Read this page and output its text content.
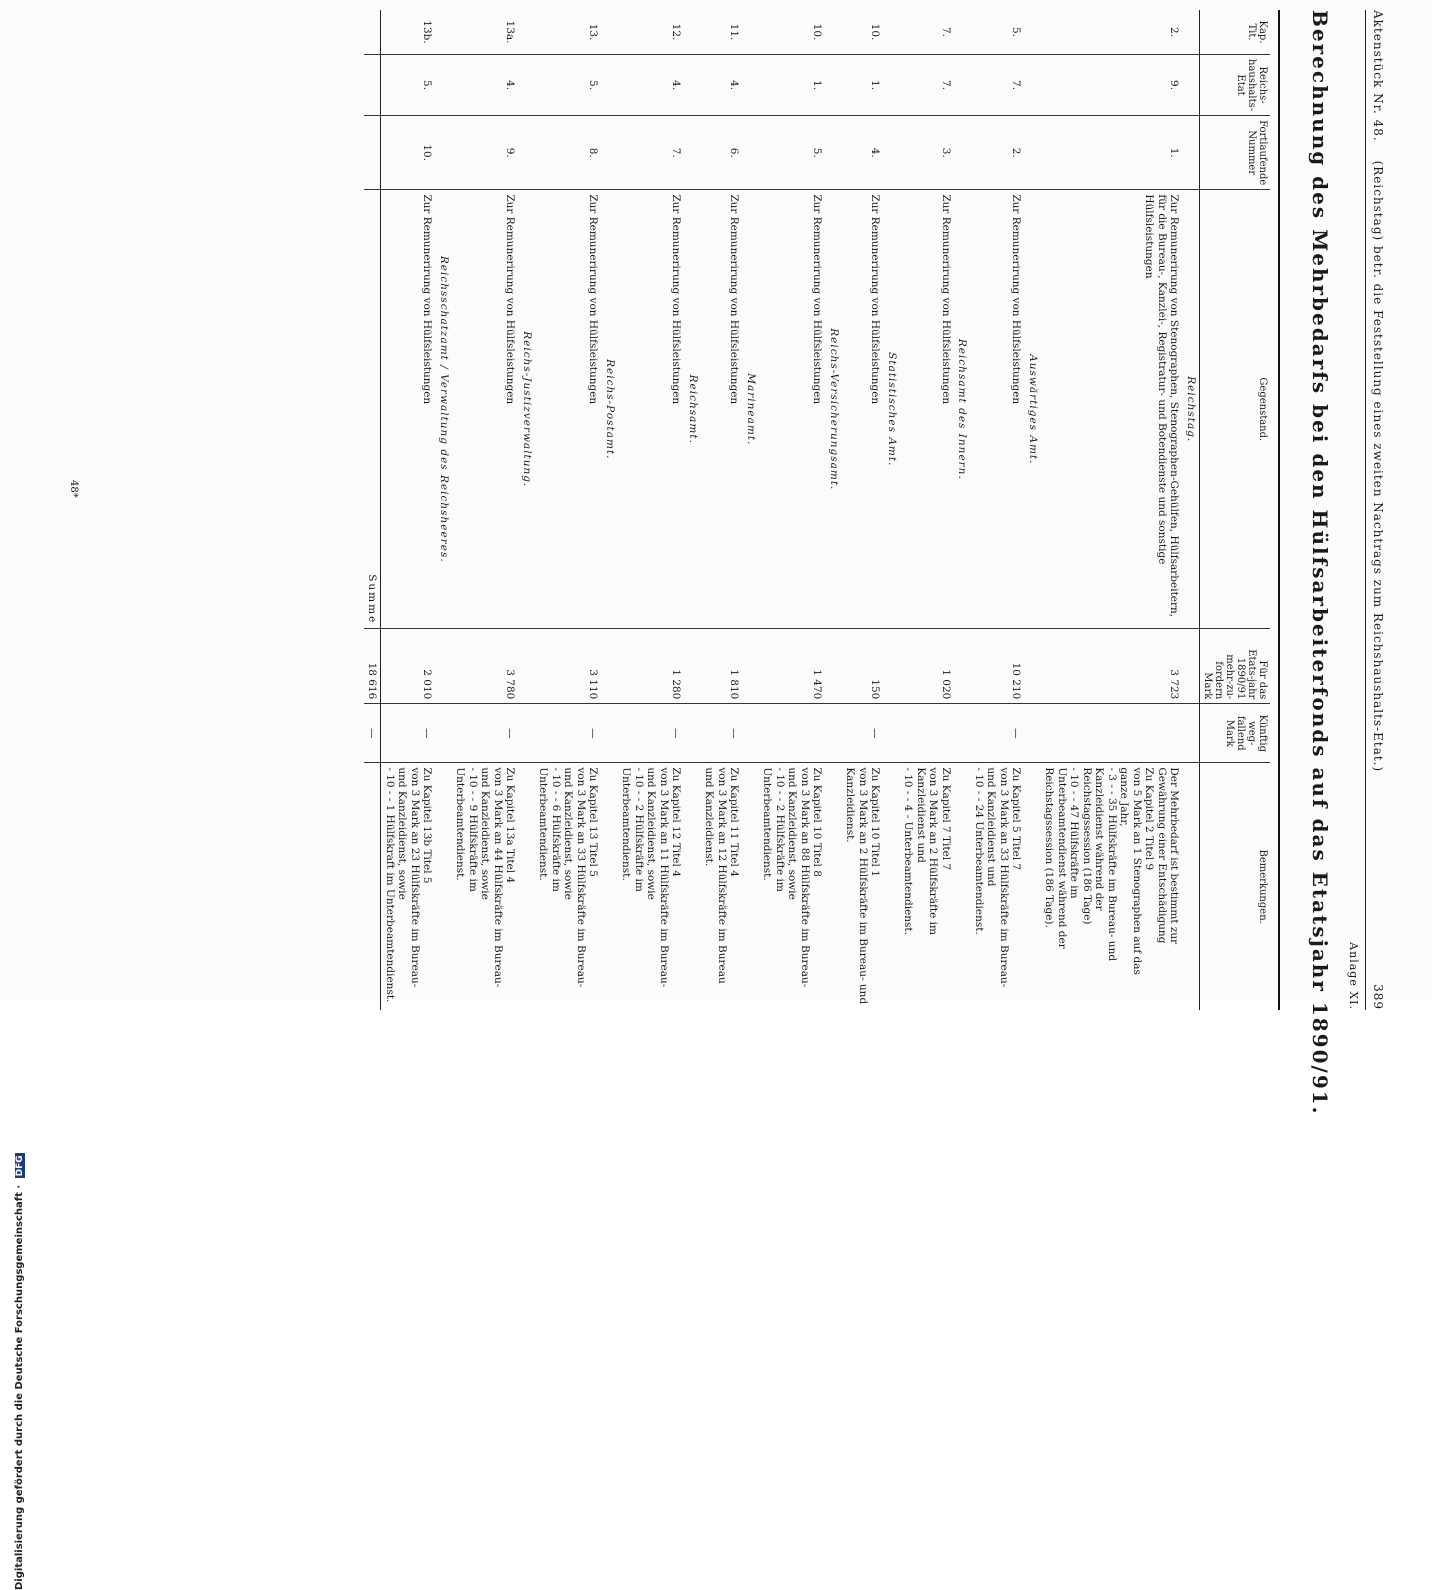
Aktenstück Nr. 48. (Reichstag) betr. die Feststellung eines zweiten Nachtrags zum Reichshaushalts-Etat.)
389
Anlage XI.
Berechnung des Mehrbedarfs bei den Hülfsarbeiterfonds auf das Etatsjahr 1890/91.
Kap. Tit.	Reichs-haushalts-Etat	Fortlaufende Nummer	Gegenstand.	Für das Etats-jahr 1890/91 mehr-zu-fordern Mark	Künftig weg-fallend Mark	Bemerkungen.
			Reichstag.			
2.	9.	1.	Zur Remunerirung von Stenographen, Stenographen-Gehülfen, Hülfsarbeitern, für die Bureau-, Kanzlei-, Registratur- und Botendienste und sonstige Hülfsleistungen	3 723		Der Mehrbedarf ist bestimmt zur Gewährung einer Entschädigung
Zu Kapitel 2 Titel 9
von 5 Mark an 1 Stenographen auf das ganze Jahr,
- 3 - - 35 Hülfskräfte im Bureau- und Kanzleidienst während der Reichstagssession (186 Tage)
- 10 - - 47 Hülfskräfte im Unterbeamtendienst während der Reichstagssession (186 Tage).

			Auswärtiges Amt.			
5.	7.	2.	Zur Remunerirung von Hülfsleistungen	10 210	—	Zu Kapitel 5 Titel 7
von 3 Mark an 33 Hülfskräfte im Bureau- und Kanzleidienst und
- 10 - - 24 Unterbeamtendienst.

			Reichsamt des Innern.			
7.	7.	3.	Zur Remunerirung von Hülfsleistungen	1 020		Zu Kapitel 7 Titel 7
von 3 Mark an 2 Hülfskräfte im Kanzleidienst und
- 10 - - 4 - Unterbeamtendienst.

			Statistisches Amt.			
10.	1.	4.	Zur Remunerirung von Hülfsleistungen	150	—	Zu Kapitel 10 Titel 1
von 3 Mark an 2 Hülfskräfte im Bureau- und Kanzleidienst.

			Reichs-Versicherungsamt.			
10.	1.	5.	Zur Remunerirung von Hülfsleistungen	1 470		Zu Kapitel 10 Titel 8
von 3 Mark an 88 Hülfskräfte im Bureau- und Kanzleidienst, sowie
- 10 - - 2 Hülfskräfte im Unterbeamtendienst.

			Marineamt.			
11.	4.	6.	Zur Remunerirung von Hülfsleistungen	1 810	—	Zu Kapitel 11 Titel 4
von 3 Mark an 12 Hülfskräfte im Bureau und Kanzleidienst.

			Reichsamt.			
12.	4.	7.	Zur Remunerirung von Hülfsleistungen	1 280	—	Zu Kapitel 12 Titel 4
von 3 Mark an 11 Hülfskräfte im Bureau- und Kanzleidienst, sowie
- 10 - - 2 Hülfskräfte im Unterbeamtendienst.

			Reichs-Postamt.			
13.	5.	8.	Zur Remunerirung von Hülfsleistungen	3 110	—	Zu Kapitel 13 Titel 5
von 3 Mark an 33 Hülfskräfte im Bureau- und Kanzleidienst, sowie
- 10 - - 6 Hülfskräfte im Unterbeamtendienst.

			Reichs-Justizverwaltung.			
13a.	4.	9.	Zur Remunerirung von Hülfsleistungen	3 780	—	Zu Kapitel 13a Titel 4
von 3 Mark an 44 Hülfskräfte im Bureau- und Kanzleidienst, sowie
- 10 - - 9 Hülfskräfte im Unterbeamtendienst.

			Reichsschatzamt / Verwaltung des Reichsheeres.			
13b.	5.	10.	Zur Remunerirung von Hülfsleistungen	2 010	—	Zu Kapitel 13b Titel 5
von 3 Mark an 23 Hülfskräfte im Bureau- und Kanzleidienst, sowie
- 10 - - 1 Hülfskraft im Unterbeamtendienst.

			Summe	18 616	—	
48*
Digitalisierung gefördert durch die Deutsche Forschungsgemeinschaft · DFG
